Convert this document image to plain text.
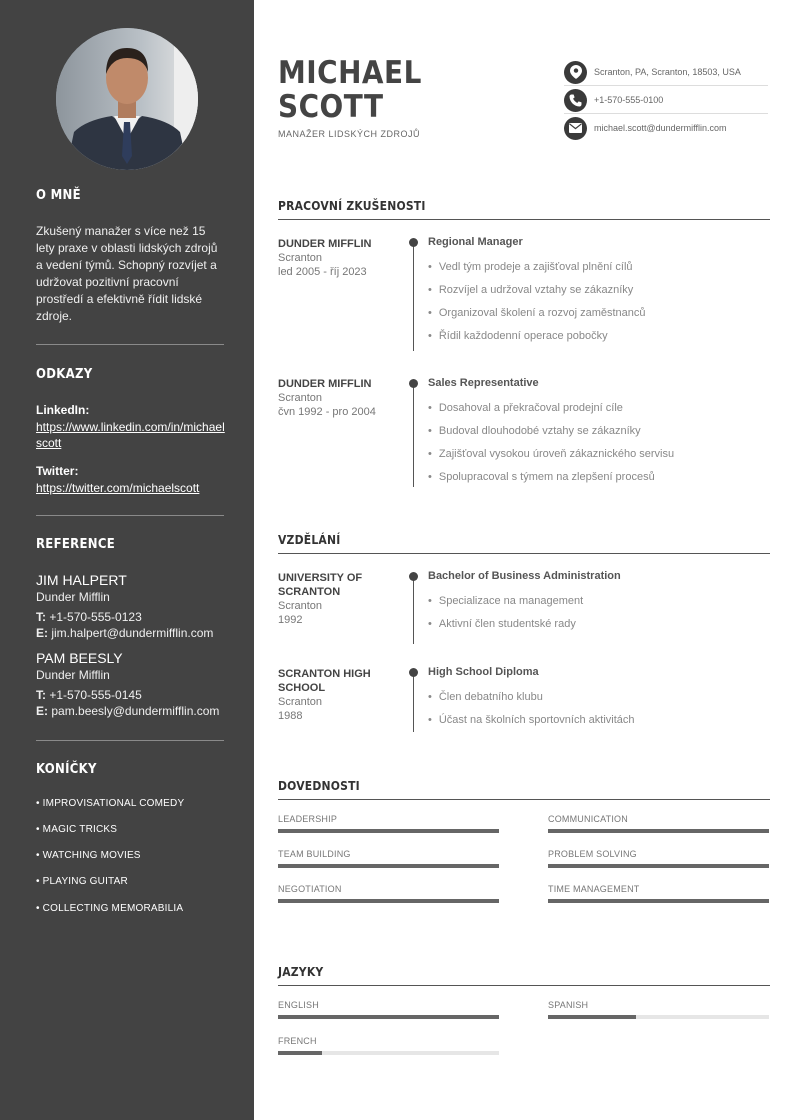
O MNĚ
Zkušený manažer s více než 15 lety praxe v oblasti lidských zdrojů a vedení týmů. Schopný rozvíjet a udržovat pozitivní pracovní prostředí a efektivně řídit lidské zdroje.
ODKAZY
LinkedIn:
https://www.linkedin.com/in/michaelscott
Twitter:
https://twitter.com/michaelscott
REFERENCE
JIM HALPERT
Dunder Mifflin
T: +1-570-555-0123
E: jim.halpert@dundermifflin.com
PAM BEESLY
Dunder Mifflin
T: +1-570-555-0145
E: pam.beesly@dundermifflin.com
KONÍČKY
• IMPROVISATIONAL COMEDY
• MAGIC TRICKS
• WATCHING MOVIES
• PLAYING GUITAR
• COLLECTING MEMORABILIA
MICHAEL
SCOTT
MANAŽER LIDSKÝCH ZDROJŮ
Scranton, PA, Scranton, 18503, USA
+1-570-555-0100
michael.scott@dundermifflin.com
PRACOVNÍ ZKUŠENOSTI
DUNDER MIFFLIN
Scranton
led 2005 - říj 2023
Regional Manager
• Vedl tým prodeje a zajišťoval plnění cílů
• Rozvíjel a udržoval vztahy se zákazníky
• Organizoval školení a rozvoj zaměstnanců
• Řídil každodenní operace pobočky
DUNDER MIFFLIN
Scranton
čvn 1992 - pro 2004
Sales Representative
• Dosahoval a překračoval prodejní cíle
• Budoval dlouhodobé vztahy se zákazníky
• Zajišťoval vysokou úroveň zákaznického servisu
• Spolupracoval s týmem na zlepšení procesů
VZDĚLÁNÍ
UNIVERSITY OF
SCRANTON
Scranton
1992
Bachelor of Business Administration
• Specializace na management
• Aktivní člen studentské rady
SCRANTON HIGH
SCHOOL
Scranton
1988
High School Diploma
• Člen debatního klubu
• Účast na školních sportovních aktivitách
DOVEDNOSTI
LEADERSHIP	COMMUNICATION
TEAM BUILDING	PROBLEM SOLVING
NEGOTIATION	TIME MANAGEMENT
JAZYKY
ENGLISH	SPANISH
FRENCH
